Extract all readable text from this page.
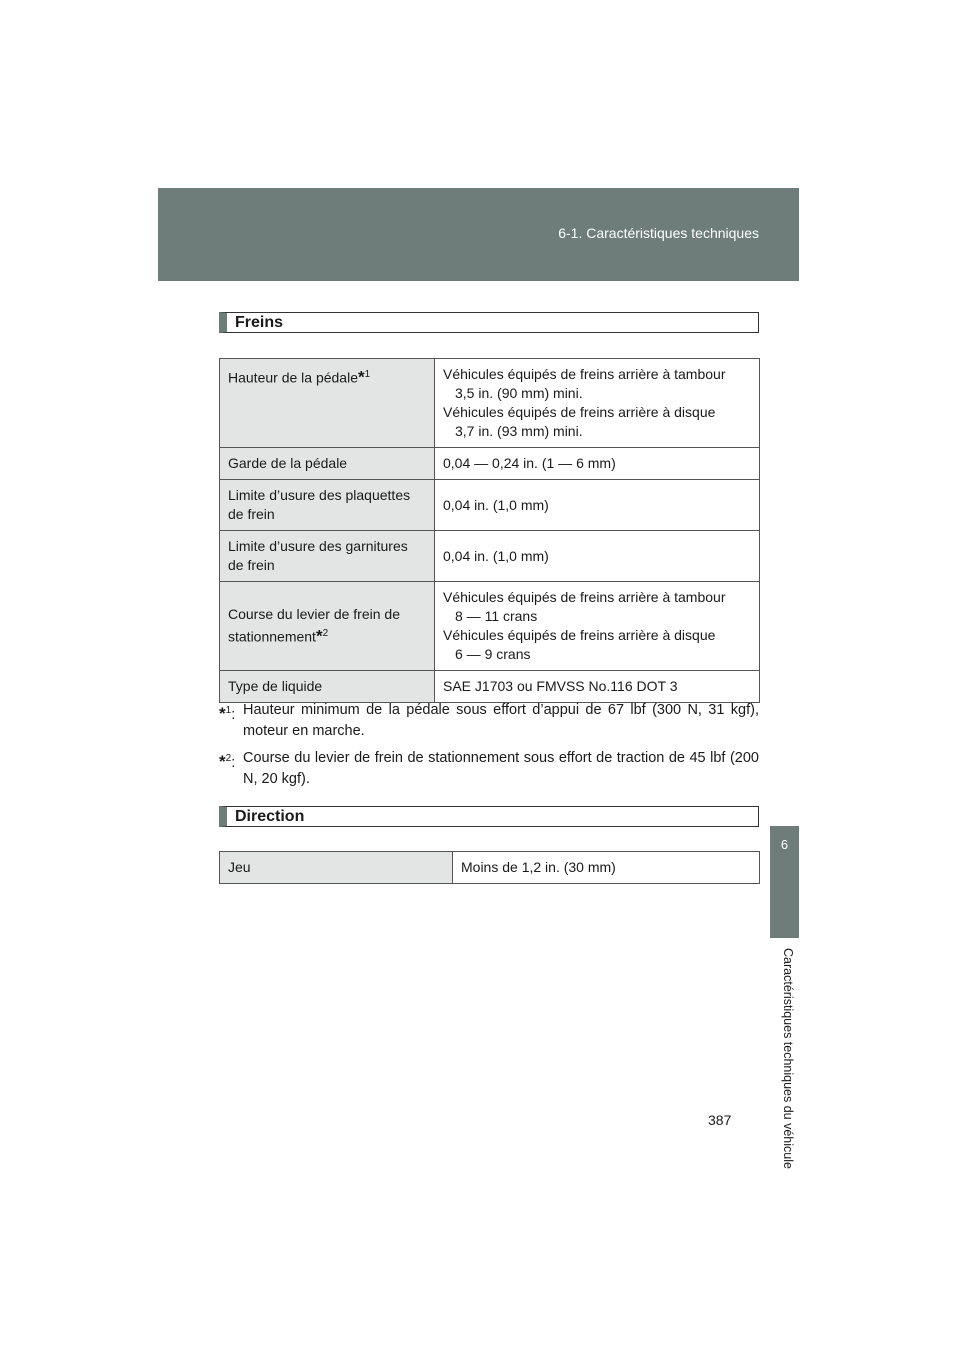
6-1. Caractéristiques techniques
6
Caractéristiques techniques du véhicule
387
Freins
Hauteur de la pédale*$^1$	Véhicules équipés de freins arrière à tambour
3,5 in. (90 mm) mini.
Véhicules équipés de freins arrière à disque
3,7 in. (93 mm) mini.

Garde de la pédale	0,04 — 0,24 in. (1 — 6 mm)
Limite d’usure des plaquettes de frein	0,04 in. (1,0 mm)
Limite d’usure des garnitures de frein	0,04 in. (1,0 mm)
Course du levier de frein de stationnement*$^2$	Véhicules équipés de freins arrière à tambour
8 — 11 crans
Véhicules équipés de freins arrière à disque
6 — 9 crans

Type de liquide	SAE J1703 ou FMVSS No.116 DOT 3
*$^1$: Hauteur minimum de la pédale sous effort d’appui de 67 lbf (300 N, 31 kgf), moteur en marche.
*$^2$: Course du levier de frein de stationnement sous effort de traction de 45 lbf (200 N, 20 kgf).
Direction
Jeu	Moins de 1,2 in. (30 mm)
